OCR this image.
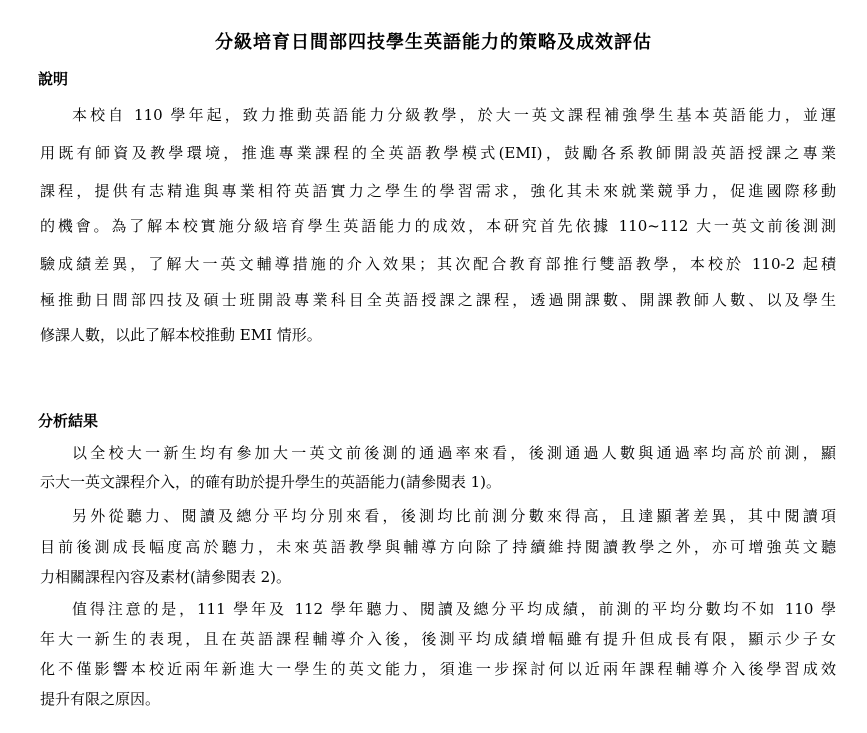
分級培育日間部四技學生英語能力的策略及成效評估
說明
本校自 110 學年起，致力推動英語能力分級教學，於大一英文課程補強學生基本英語能力，並運
用既有師資及教學環境，推進專業課程的全英語教學模式(EMI)，鼓勵各系教師開設英語授課之專業
課程，提供有志精進與專業相符英語實力之學生的學習需求，強化其未來就業競爭力，促進國際移動
的機會。為了解本校實施分級培育學生英語能力的成效，本研究首先依據 110~112 大一英文前後測測
驗成績差異，了解大一英文輔導措施的介入效果；其次配合教育部推行雙語教學，本校於 110-2 起積
極推動日間部四技及碩士班開設專業科目全英語授課之課程，透過開課數、開課教師人數、以及學生
修課人數，以此了解本校推動 EMI 情形。
分析結果
以全校大一新生均有參加大一英文前後測的通過率來看，後測通過人數與通過率均高於前測，顯
示大一英文課程介入，的確有助於提升學生的英語能力(請參閱表 1)。
另外從聽力、閱讀及總分平均分別來看，後測均比前測分數來得高，且達顯著差異，其中閱讀項
目前後測成長幅度高於聽力，未來英語教學與輔導方向除了持續維持閱讀教學之外，亦可增強英文聽
力相關課程內容及素材(請參閱表 2)。
值得注意的是，111 學年及 112 學年聽力、閱讀及總分平均成績，前測的平均分數均不如 110 學
年大一新生的表現，且在英語課程輔導介入後，後測平均成績增幅雖有提升但成長有限，顯示少子女
化不僅影響本校近兩年新進大一學生的英文能力，須進一步探討何以近兩年課程輔導介入後學習成效
提升有限之原因。
